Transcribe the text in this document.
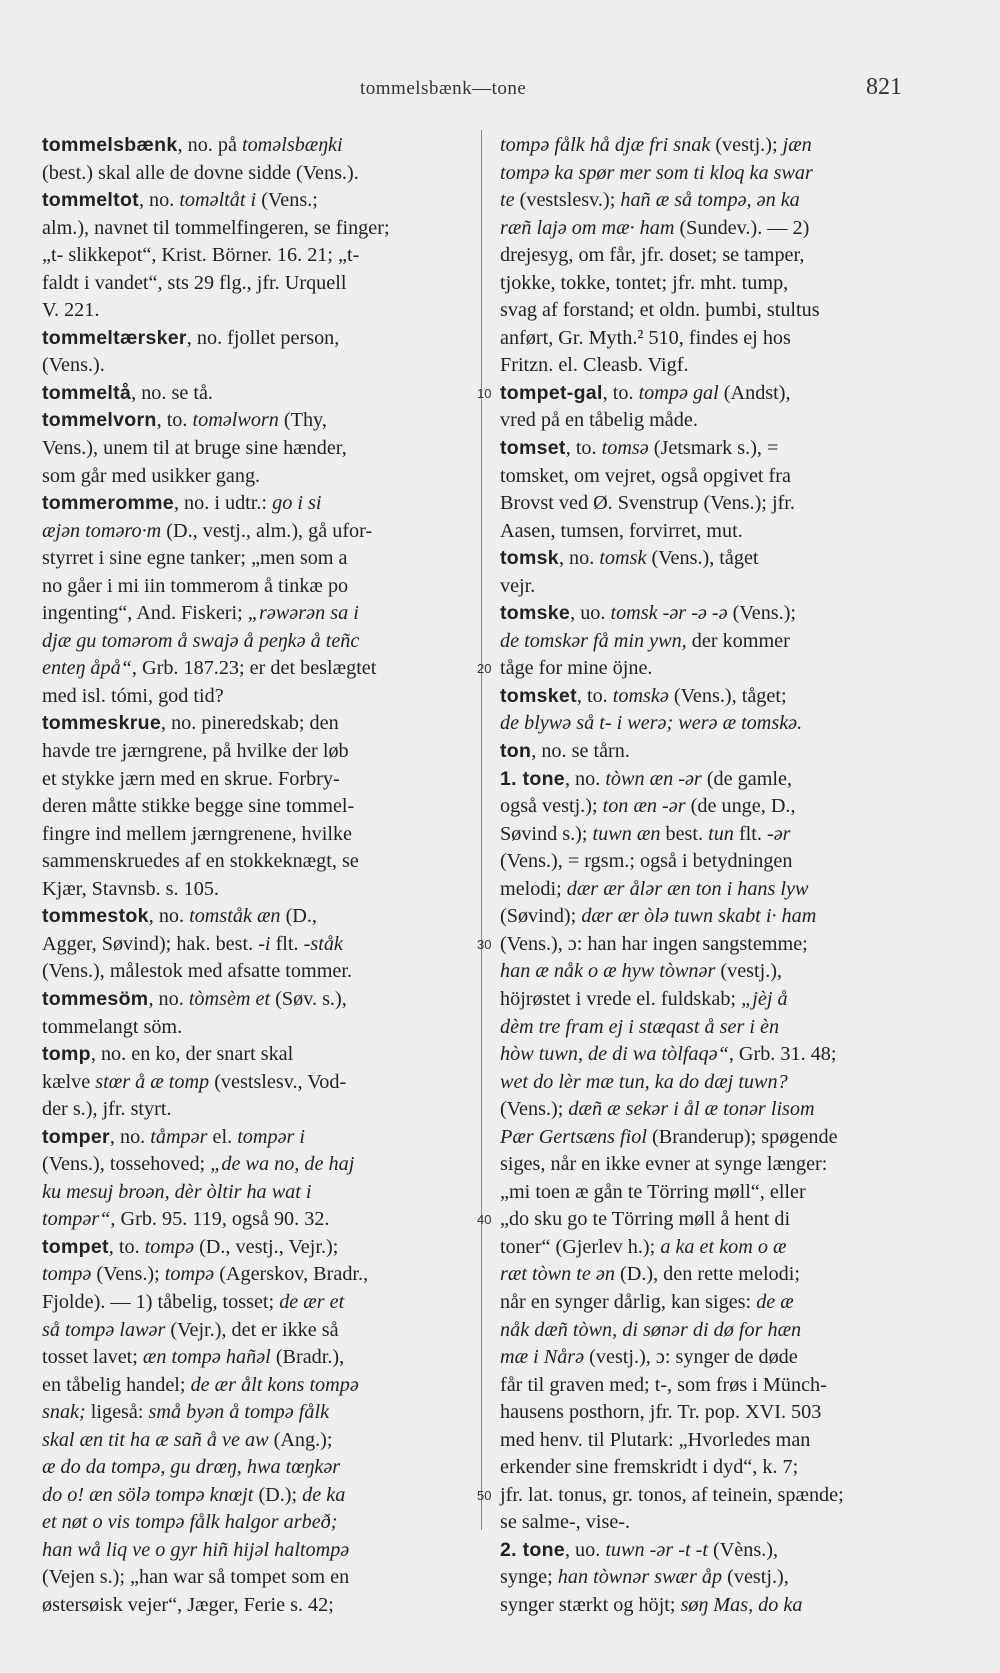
tommelsbænk—tone	821
tommelsbænk, no. på tomǝlsbæŋki
(best.) skal alle de dovne sidde (Vens.).
tommeltot, no. tomǝltåt i (Vens.;
alm.), navnet til tommelfingeren, se finger;
„t- slikkepot“, Krist. Börner. 16. 21; „t-
faldt i vandet“, sts 29 flg., jfr. Urquell
V. 221.
tommeltærsker, no. fjollet person,
(Vens.).
tommeltå, no. se tå.
tommelvorn, to. tomǝlworn (Thy,
Vens.), unem til at bruge sine hænder,
som går med usikker gang.
tommeromme, no. i udtr.: go i si
æjǝn tomǝro·m (D., vestj., alm.), gå ufor-
styrret i sine egne tanker; „men som a
no gåer i mi iin tommerom å tinkæ po
ingenting“, And. Fiskeri; „rǝwǝrǝn sa i
djæ gu tomǝrom å swajǝ å peŋkǝ å teñc
enteŋ åpå“, Grb. 187.23; er det beslægtet
med isl. tómi, god tid?
tommeskrue, no. pineredskab; den
havde tre jærngrene, på hvilke der løb
et stykke jærn med en skrue. Forbry-
deren måtte stikke begge sine tommel-
fingre ind mellem jærngrenene, hvilke
sammenskruedes af en stokkeknægt, se
Kjær, Stavnsb. s. 105.
tommestok, no. tomståk æn (D.,
Agger, Søvind); hak. best. -i flt. -ståk
(Vens.), målestok med afsatte tommer.
tommesöm, no. tòmsèm et (Søv. s.),
tommelangt söm.
tomp, no. en ko, der snart skal
kælve stœr å æ tomp (vestslesv., Vod-
der s.), jfr. styrt.
tomper, no. tåmpǝr el. tompǝr i
(Vens.), tossehoved; „de wa no, de haj
ku mesuj broǝn, dèr òltir ha wat i
tompǝr“, Grb. 95. 119, også 90. 32.
tompet, to. tompǝ (D., vestj., Vejr.);
tompǝ (Vens.); tompǝ (Agerskov, Bradr.,
Fjolde). — 1) tåbelig, tosset; de ær et
så tompǝ lawǝr (Vejr.), det er ikke så
tosset lavet; æn tompǝ hañǝl (Bradr.),
en tåbelig handel; de ær ålt kons tompǝ
snak; ligeså: små byǝn å tompǝ fålk
skal æn tit ha æ sañ å ve aw (Ang.);
æ do da tompǝ, gu drœŋ, hwa tœŋkǝr
do o! æn sölǝ tompǝ knœjt (D.); de ka
et nøt o vis tompǝ fålk halgor arbeð;
han wå liq ve o gyr hiñ hijǝl haltompǝ
(Vejen s.); „han war så tompet som en
østersøisk vejer“, Jæger, Ferie s. 42;
tompǝ fålk hå djæ fri snak (vestj.); jæn
tompǝ ka spør mer som ti kloq ka swar
te (vestslesv.); hañ æ så tompǝ, ǝn ka
ræñ lajǝ om mæ· ham (Sundev.). — 2)
drejesyg, om får, jfr. doset; se tamper,
tjokke, tokke, tontet; jfr. mht. tump,
svag af forstand; et oldn. þumbi, stultus
anført, Gr. Myth.² 510, findes ej hos
Fritzn. el. Cleasb. Vigf.
tompet-gal, to. tompǝ gal (Andst),
vred på en tåbelig måde.
tomset, to. tomsǝ (Jetsmark s.), =
tomsket, om vejret, også opgivet fra
Brovst ved Ø. Svenstrup (Vens.); jfr.
Aasen, tumsen, forvirret, mut.
tomsk, no. tomsk (Vens.), tåget
vejr.
tomske, uo. tomsk -ǝr -ǝ -ǝ (Vens.);
de tomskǝr få min ywn, der kommer
tåge for mine öjne.
tomsket, to. tomskǝ (Vens.), tåget;
de blywǝ så t- i werǝ; werǝ æ tomskǝ.
ton, no. se tårn.
1. tone, no. tòwn æn -ǝr (de gamle,
også vestj.); ton æn -ǝr (de unge, D.,
Søvind s.); tuwn æn best. tun flt. -ǝr
(Vens.), = rgsm.; også i betydningen
melodi; dær ær ålǝr æn ton i hans lyw
(Søvind); dær ær òlǝ tuwn skabt i· ham
(Vens.), ɔ: han har ingen sangstemme;
han æ nåk o æ hyw tòwnǝr (vestj.),
höjrøstet i vrede el. fuldskab; „jèj å
dèm tre fram ej i stæqast å ser i èn
hòw tuwn, de di wa tòlfaqǝ“, Grb. 31. 48;
wet do lèr mæ tun, ka do dæj tuwn?
(Vens.); dæñ æ sekǝr i ål æ tonǝr lisom
Pær Gertsæns fiol (Branderup); spøgende
siges, når en ikke evner at synge længer:
„mi toen æ gån te Törring møll“, eller
„do sku go te Törring møll å hent di
toner“ (Gjerlev h.); a ka et kom o æ
ræt tòwn te ǝn (D.), den rette melodi;
når en synger dårlig, kan siges: de æ
nåk dæñ tòwn, di sønǝr di dø for hæn
mæ i Nårǝ (vestj.), ɔ: synger de døde
får til graven med; t-, som frøs i Münch-
hausens posthorn, jfr. Tr. pop. XVI. 503
med henv. til Plutark: „Hvorledes man
erkender sine fremskridt i dyd“, k. 7;
jfr. lat. tonus, gr. tonos, af teinein, spænde;
se salme-, vise-.
2. tone, uo. tuwn -ǝr -t -t (Vèns.),
synge; han tòwnǝr swær åp (vestj.),
synger stærkt og höjt; søŋ Mas, do ka
10
20
30
40
50
